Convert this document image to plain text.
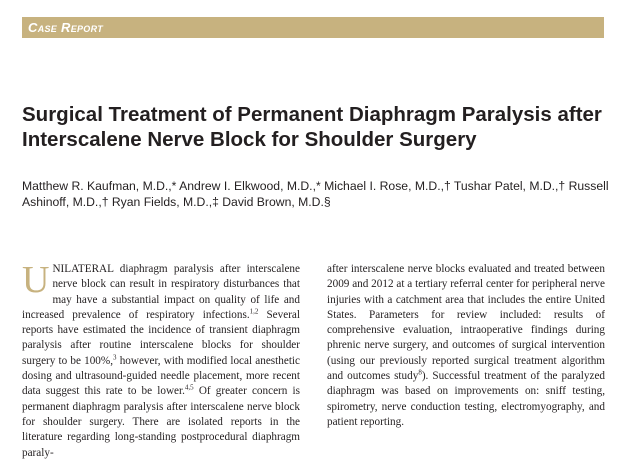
Case Report
Surgical Treatment of Permanent Diaphragm Paralysis after Interscalene Nerve Block for Shoulder Surgery

Matthew R. Kaufman, M.D.,* Andrew I. Elkwood, M.D.,* Michael I. Rose, M.D.,† Tushar Patel, M.D.,† Russell Ashinoff, M.D.,† Ryan Fields, M.D.,‡ David Brown, M.D.§

UNILATERAL diaphragm paralysis after interscalene nerve block can result in respiratory disturbances that may have a substantial impact on quality of life and increased prevalence of respiratory infections.$^{1,2}$ Several reports have estimated the incidence of transient diaphragm paralysis after routine interscalene blocks for shoulder surgery to be 100%,$^3$ however, with modified local anesthetic dosing and ultrasound-guided needle placement, more recent data suggest this rate to be lower.$^{4,5}$ Of greater concern is permanent diaphragm paralysis after interscalene nerve block for shoulder surgery. There are isolated reports in the literature regarding long-standing postprocedural diaphragm paraly-

after interscalene nerve blocks evaluated and treated between 2009 and 2012 at a tertiary referral center for peripheral nerve injuries with a catchment area that includes the entire United States. Parameters for review included: results of comprehensive evaluation, intraoperative findings during phrenic nerve surgery, and outcomes of surgical intervention (using our previously reported surgical treatment algorithm and outcomes study$^8$). Successful treatment of the paralyzed diaphragm was based on improvements on: sniff testing, spirometry, nerve conduction testing, electromyography, and patient reporting.
